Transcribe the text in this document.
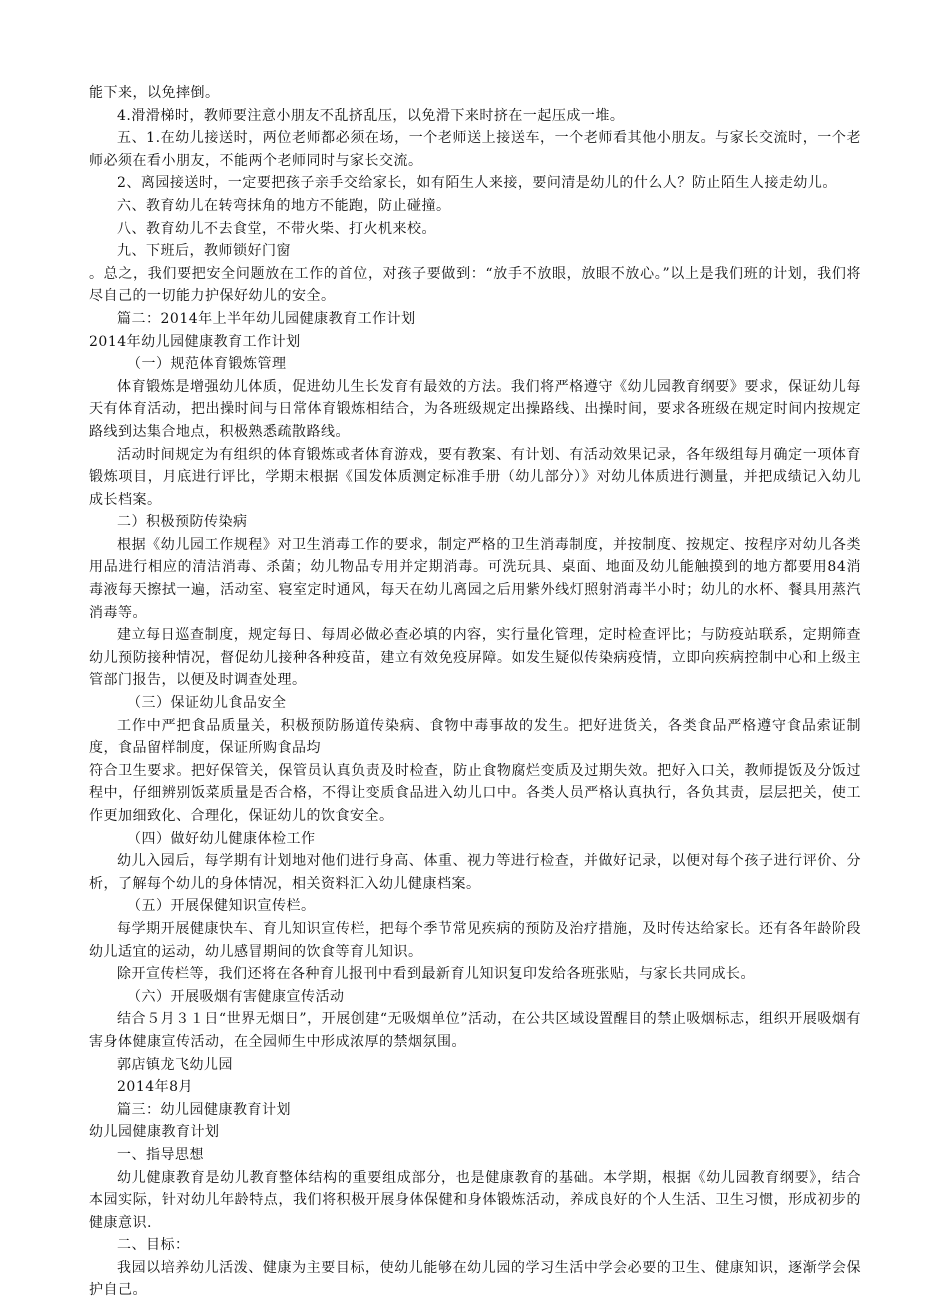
能下来，以免摔倒。

4.滑滑梯时，教师要注意小朋友不乱挤乱压，以免滑下来时挤在一起压成一堆。

五、1.在幼儿接送时，两位老师都必须在场，一个老师送上接送车，一个老师看其他小朋友。与家长交流时，一个老师必须在看小朋友，不能两个老师同时与家长交流。

2、离园接送时，一定要把孩子亲手交给家长，如有陌生人来接，要问清是幼儿的什么人？防止陌生人接走幼儿。

六、教育幼儿在转弯抹角的地方不能跑，防止碰撞。

八、教育幼儿不去食堂，不带火柴、打火机来校。

九、下班后，教师锁好门窗

。总之，我们要把安全问题放在工作的首位，对孩子要做到：“放手不放眼，放眼不放心。”以上是我们班的计划，我们将尽自己的一切能力护保好幼儿的安全。

篇二：2014年上半年幼儿园健康教育工作计划

2014年幼儿园健康教育工作计划

（一）规范体育锻炼管理

体育锻炼是增强幼儿体质，促进幼儿生长发育有最效的方法。我们将严格遵守《幼儿园教育纲要》要求，保证幼儿每天有体育活动，把出操时间与日常体育锻炼相结合，为各班级规定出操路线、出操时间，要求各班级在规定时间内按规定路线到达集合地点，积极熟悉疏散路线。

活动时间规定为有组织的体育锻炼或者体育游戏，要有教案、有计划、有活动效果记录，各年级组每月确定一项体育锻炼项目，月底进行评比，学期末根据《国发体质测定标准手册（幼儿部分）》对幼儿体质进行测量，并把成绩记入幼儿成长档案。

二）积极预防传染病

根据《幼儿园工作规程》对卫生消毒工作的要求，制定严格的卫生消毒制度，并按制度、按规定、按程序对幼儿各类用品进行相应的清洁消毒、杀菌；幼儿物品专用并定期消毒。可洗玩具、桌面、地面及幼儿能触摸到的地方都要用84消毒液每天擦拭一遍，活动室、寝室定时通风，每天在幼儿离园之后用紫外线灯照射消毒半小时；幼儿的水杯、餐具用蒸汽消毒等。

建立每日巡查制度，规定每日、每周必做必查必填的内容，实行量化管理，定时检查评比；与防疫站联系，定期筛查幼儿预防接种情况，督促幼儿接种各种疫苗，建立有效免疫屏障。如发生疑似传染病疫情，立即向疾病控制中心和上级主管部门报告，以便及时调查处理。

（三）保证幼儿食品安全

工作中严把食品质量关，积极预防肠道传染病、食物中毒事故的发生。把好进货关，各类食品严格遵守食品索证制度，食品留样制度，保证所购食品均

符合卫生要求。把好保管关，保管员认真负责及时检查，防止食物腐烂变质及过期失效。把好入口关，教师提饭及分饭过程中，仔细辨别饭菜质量是否合格，不得让变质食品进入幼儿口中。各类人员严格认真执行，各负其责，层层把关，使工作更加细致化、合理化，保证幼儿的饮食安全。

（四）做好幼儿健康体检工作

幼儿入园后，每学期有计划地对他们进行身高、体重、视力等进行检查，并做好记录，以便对每个孩子进行评价、分析，了解每个幼儿的身体情况，相关资料汇入幼儿健康档案。

（五）开展保健知识宣传栏。

每学期开展健康快车、育儿知识宣传栏，把每个季节常见疾病的预防及治疗措施，及时传达给家长。还有各年龄阶段幼儿适宜的运动，幼儿感冒期间的饮食等育儿知识。

除开宣传栏等，我们还将在各种育儿报刊中看到最新育儿知识复印发给各班张贴，与家长共同成长。

（六）开展吸烟有害健康宣传活动

结合５月３１日“世界无烟日”，开展创建“无吸烟单位”活动，在公共区域设置醒目的禁止吸烟标志，组织开展吸烟有害身体健康宣传活动，在全园师生中形成浓厚的禁烟氛围。

郭店镇龙飞幼儿园

2014年8月

篇三：幼儿园健康教育计划

幼儿园健康教育计划

一、指导思想

幼儿健康教育是幼儿教育整体结构的重要组成部分，也是健康教育的基础。本学期，根据《幼儿园教育纲要》，结合本园实际，针对幼儿年龄特点，我们将积极开展身体保健和身体锻炼活动，养成良好的个人生活、卫生习惯，形成初步的健康意识.

二、目标：

我园以培养幼儿活泼、健康为主要目标，使幼儿能够在幼儿园的学习生活中学会必要的卫生、健康知识，逐渐学会保护自己。
